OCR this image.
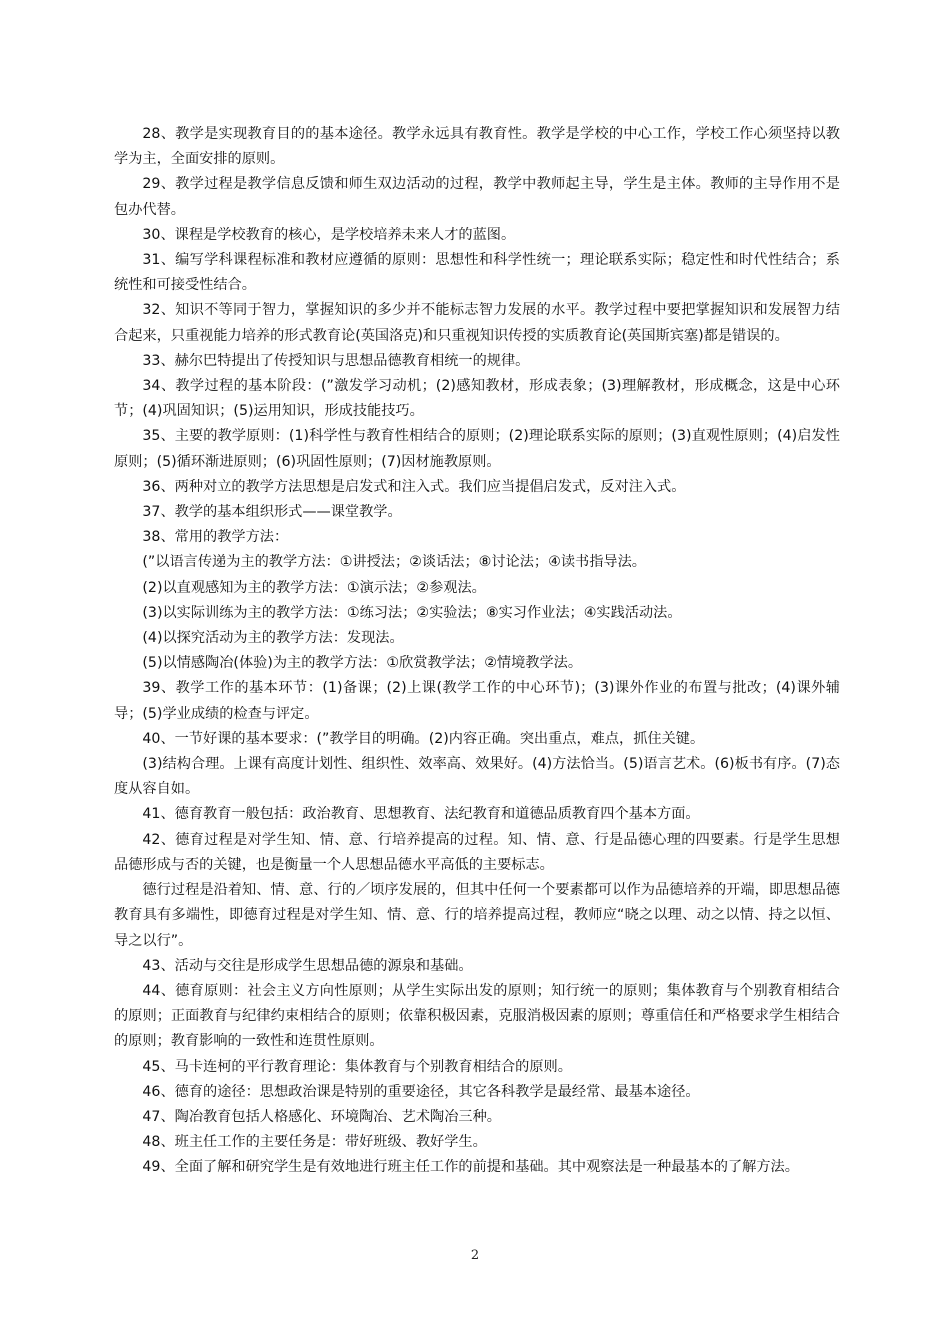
28、教学是实现教育目的的基本途径。教学永远具有教育性。教学是学校的中心工作，学校工作心须坚持以教学为主，全面安排的原则。

29、教学过程是教学信息反馈和师生双边活动的过程，教学中教师起主导，学生是主体。教师的主导作用不是包办代替。

30、课程是学校教育的核心，是学校培养未来人才的蓝图。

31、编写学科课程标准和教材应遵循的原则：思想性和科学性统一；理论联系实际；稳定性和时代性结合；系统性和可接受性结合。

32、知识不等同于智力，掌握知识的多少并不能标志智力发展的水平。教学过程中要把掌握知识和发展智力结合起来，只重视能力培养的形式教育论(英国洛克)和只重视知识传授的实质教育论(英国斯宾塞)都是错误的。

33、赫尔巴特提出了传授知识与思想品德教育相统一的规律。

34、教学过程的基本阶段：(”激发学习动机；(2)感知教材，形成表象；(3)理解教材，形成概念，这是中心环节；(4)巩固知识；(5)运用知识，形成技能技巧。

35、主要的教学原则：(1)科学性与教育性相结合的原则；(2)理论联系实际的原则；(3)直观性原则；(4)启发性原则；(5)循环渐进原则；(6)巩固性原则；(7)因材施教原则。

36、两种对立的教学方法思想是启发式和注入式。我们应当提倡启发式，反对注入式。

37、教学的基本组织形式——课堂教学。

38、常用的教学方法：

(”以语言传递为主的教学方法：①讲授法；②谈话法；⑧讨论法；④读书指导法。

(2)以直观感知为主的教学方法：①演示法；②参观法。

(3)以实际训练为主的教学方法：①练习法；②实验法；⑧实习作业法；④实践活动法。

(4)以探究活动为主的教学方法：发现法。

(5)以情感陶冶(体验)为主的教学方法：①欣赏教学法；②情境教学法。

39、教学工作的基本环节：(1)备课；(2)上课(教学工作的中心环节)；(3)课外作业的布置与批改；(4)课外辅导；(5)学业成绩的检查与评定。

40、一节好课的基本要求：(”教学目的明确。(2)内容正确。突出重点，难点，抓住关键。

(3)结构合理。上课有高度计划性、组织性、效率高、效果好。(4)方法恰当。(5)语言艺术。(6)板书有序。(7)态度从容自如。

41、德育教育一般包括：政治教育、思想教育、法纪教育和道德品质教育四个基本方面。

42、德育过程是对学生知、情、意、行培养提高的过程。知、情、意、行是品德心理的四要素。行是学生思想品德形成与否的关键，也是衡量一个人思想品德水平高低的主要标志。

德行过程是沿着知、情、意、行的／顷序发展的，但其中任何一个要素都可以作为品德培养的开端，即思想品德教育具有多端性，即德育过程是对学生知、情、意、行的培养提高过程，教师应“晓之以理、动之以情、持之以恒、导之以行”。

43、活动与交往是形成学生思想品德的源泉和基础。

44、德育原则：社会主义方向性原则；从学生实际出发的原则；知行统一的原则；集体教育与个别教育相结合的原则；正面教育与纪律约束相结合的原则；依靠积极因素，克服消极因素的原则；尊重信任和严格要求学生相结合的原则；教育影响的一致性和连贯性原则。

45、马卡连柯的平行教育理论：集体教育与个别教育相结合的原则。

46、德育的途径：思想政治课是特别的重要途径，其它各科教学是最经常、最基本途径。

47、陶冶教育包括人格感化、环境陶冶、艺术陶冶三种。

48、班主任工作的主要任务是：带好班级、教好学生。

49、全面了解和研究学生是有效地进行班主任工作的前提和基础。其中观察法是一种最基本的了解方法。

2
